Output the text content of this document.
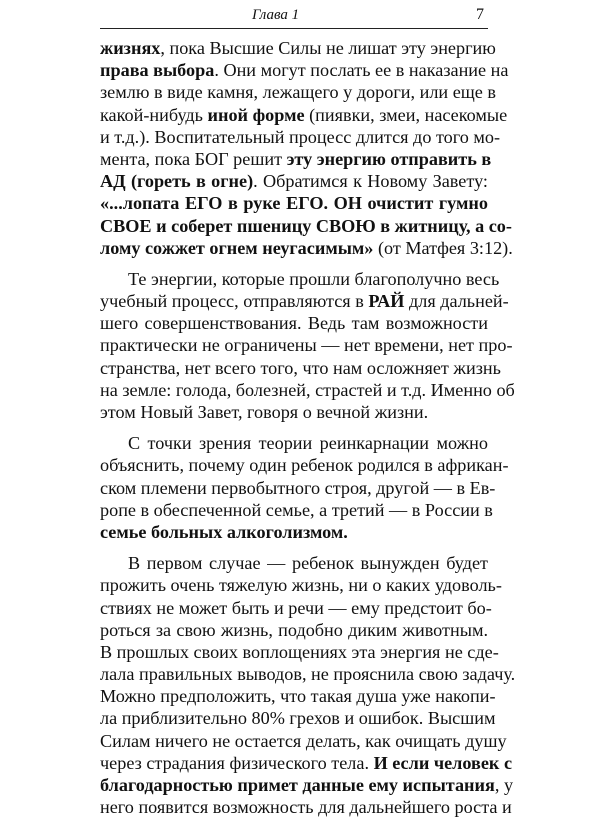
Глава 1	7
жизнях, пока Высшие Силы не лишат эту энергию
права выбора. Они могут послать ее в наказание на
землю в виде камня, лежащего у дороги, или еще в
какой-нибудь иной форме (пиявки, змеи, насекомые
и т.д.). Воспитательный процесс длится до того мо-
мента, пока БОГ решит эту энергию отправить в
АД (гореть в огне). Обратимся к Новому Завету:
«...лопата ЕГО в руке ЕГО. ОН очистит гумно
СВОЕ и соберет пшеницу СВОЮ в житницу, а со-
лому сожжет огнем неугасимым» (от Матфея 3:12).
Те энергии, которые прошли благополучно весь
учебный процесс, отправляются в РАЙ для дальней-
шего совершенствования. Ведь там возможности
практически не ограничены — нет времени, нет про-
странства, нет всего того, что нам осложняет жизнь
на земле: голода, болезней, страстей и т.д. Именно об
этом Новый Завет, говоря о вечной жизни.
С точки зрения теории реинкарнации можно
объяснить, почему один ребенок родился в африкан-
ском племени первобытного строя, другой — в Ев-
ропе в обеспеченной семье, а третий — в России в
семье больных алкоголизмом.
В первом случае — ребенок вынужден будет
прожить очень тяжелую жизнь, ни о каких удоволь-
ствиях не может быть и речи — ему предстоит бо-
роться за свою жизнь, подобно диким животным.
В прошлых своих воплощениях эта энергия не сде-
лала правильных выводов, не прояснила свою задачу.
Можно предположить, что такая душа уже накопи-
ла приблизительно 80% грехов и ошибок. Высшим
Силам ничего не остается делать, как очищать душу
через страдания физического тела. И если человек с
благодарностью примет данные ему испытания, у
него появится возможность для дальнейшего роста и
